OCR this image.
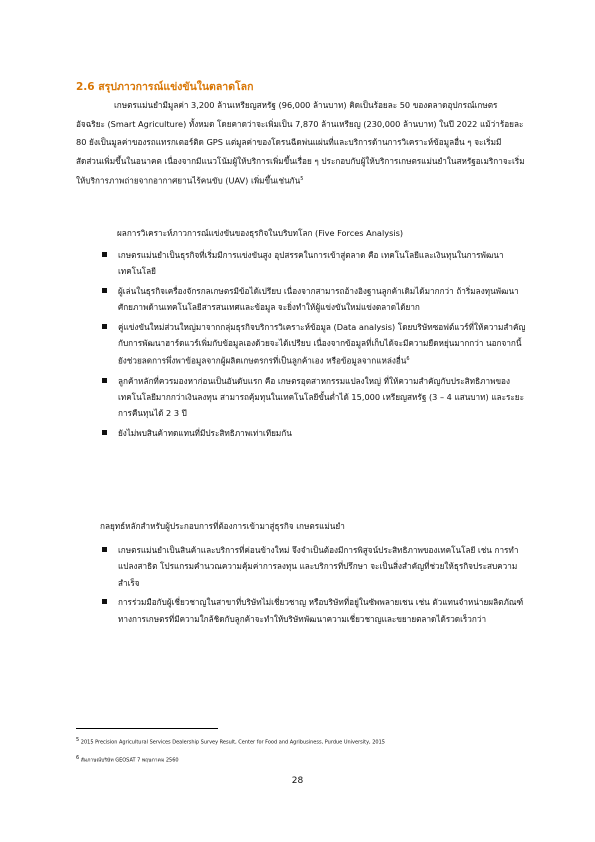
2.6 สรุปภาวการณ์แข่งขันในตลาดโลก

เกษตรแม่นยำมีมูลค่า 3,200 ล้านเหรียญสหรัฐ (96,000 ล้านบาท) คิดเป็นร้อยละ 50 ของตลาดอุปกรณ์เกษตรอัจฉริยะ (Smart Agriculture) ทั้งหมด โดยคาดว่าจะเพิ่มเป็น 7,870 ล้านเหรียญ (230,000 ล้านบาท) ในปี 2022 แม้ว่าร้อยละ 80 ยังเป็นมูลค่าของรถแทรกเตอร์ติด GPS แต่มูลค่าของโดรนฉีดพ่นแผ่นที่และบริการด้านการวิเคราะห์ข้อมูลอื่น ๆ จะเริ่มมีสัดส่วนเพิ่มขึ้นในอนาคต เนื่องจากมีแนวโน้มผู้ให้บริการเพิ่มขึ้นเรื่อย ๆ ประกอบกับผู้ให้บริการเกษตรแม่นยำในสหรัฐอเมริกาจะเริ่มให้บริการภาพถ่ายจากอากาศยานไร้คนขับ (UAV) เพิ่มขึ้นเช่นกัน$^5$

ผลการวิเคราะห์ภาวการณ์แข่งขันของธุรกิจในบริบทโลก (Five Forces Analysis)

เกษตรแม่นยำเป็นธุรกิจที่เริ่มมีการแข่งขันสูง อุปสรรคในการเข้าสู่ตลาด คือ เทคโนโลยีและเงินทุนในการพัฒนาเทคโนโลยี
ผู้เล่นในธุรกิจเครื่องจักรกลเกษตรมีข้อได้เปรียบ เนื่องจากสามารถอ้างอิงฐานลูกค้าเดิมได้มากกว่า ถ้าริ่มลงทุนพัฒนาศักยภาพด้านเทคโนโลยีสารสนเทศและข้อมูล จะยิ่งทำให้ผู้แข่งขันใหม่แข่งตลาดได้ยาก
คู่แข่งขันใหม่ส่วนใหญ่มาจากกลุ่มธุรกิจบริการวิเคราะห์ข้อมูล (Data analysis) โดยบริษัทซอฟต์แวร์ที่ให้ความสำคัญกับการพัฒนาฮาร์ดแวร์เพิ่มกับข้อมูลเองด้วยจะได้เปรียบ เนื่องจากข้อมูลที่เก็บได้จะมีความยืดหยุ่นมากกว่า นอกจากนี้ ยังช่วยลดการพึ่งพาข้อมูลจากผู้ผลิตเกษตรกรที่เป็นลูกค้าเอง หรือข้อมูลจากแหล่งอื่น$^6$
ลูกค้าหลักที่ควรมองหาก่อนเป็นอันดับแรก คือ เกษตรอุตสาหกรรมแปลงใหญ่ ที่ให้ความสำคัญกับประสิทธิภาพของเทคโนโลยีมากกว่าเงินลงทุน สามารถคุ้มทุนในเทคโนโลยีขั้นต่ำได้ 15,000 เหรียญสหรัฐ (3 – 4 แสนบาท) และระยะการคืนทุนได้ 2 3 ปี
ยังไม่พบสินค้าทดแทนที่มีประสิทธิภาพเท่าเทียมกัน

กลยุทธ์หลักสำหรับผู้ประกอบการที่ต้องการเข้ามาสู่ธุรกิจ เกษตรแม่นยำ

เกษตรแม่นยำเป็นสินค้าและบริการที่ค่อนข้างใหม่ จึงจำเป็นต้องมีการพิสูจน์ประสิทธิภาพของเทคโนโลยี เช่น การทำแปลงสาธิต โปรแกรมคำนวณความคุ้มค่าการลงทุน และบริการที่ปรึกษา จะเป็นสิ่งสำคัญที่ช่วยให้ธุรกิจประสบความสำเร็จ
การร่วมมือกับผู้เชี่ยวชาญในสาขาที่บริษัทไม่เชี่ยวชาญ หรือบริษัทที่อยู่ในซัพพลายเชน เช่น ตัวแทนจำหน่ายผลิตภัณฑ์ทางการเกษตรที่มีความใกล้ชิดกับลูกค้าจะทำให้บริษัทพัฒนาความเชี่ยวชาญและขยายตลาดได้รวดเร็วกว่า

$^5$ 2015 Precision Agricultural Services Dealership Survey Result, Center for Food and Agribusiness, Purdue University, 2015

$^6$ สัมภาษณ์บริษัท GEOSAT 7 พฤษภาคม 2560

28
